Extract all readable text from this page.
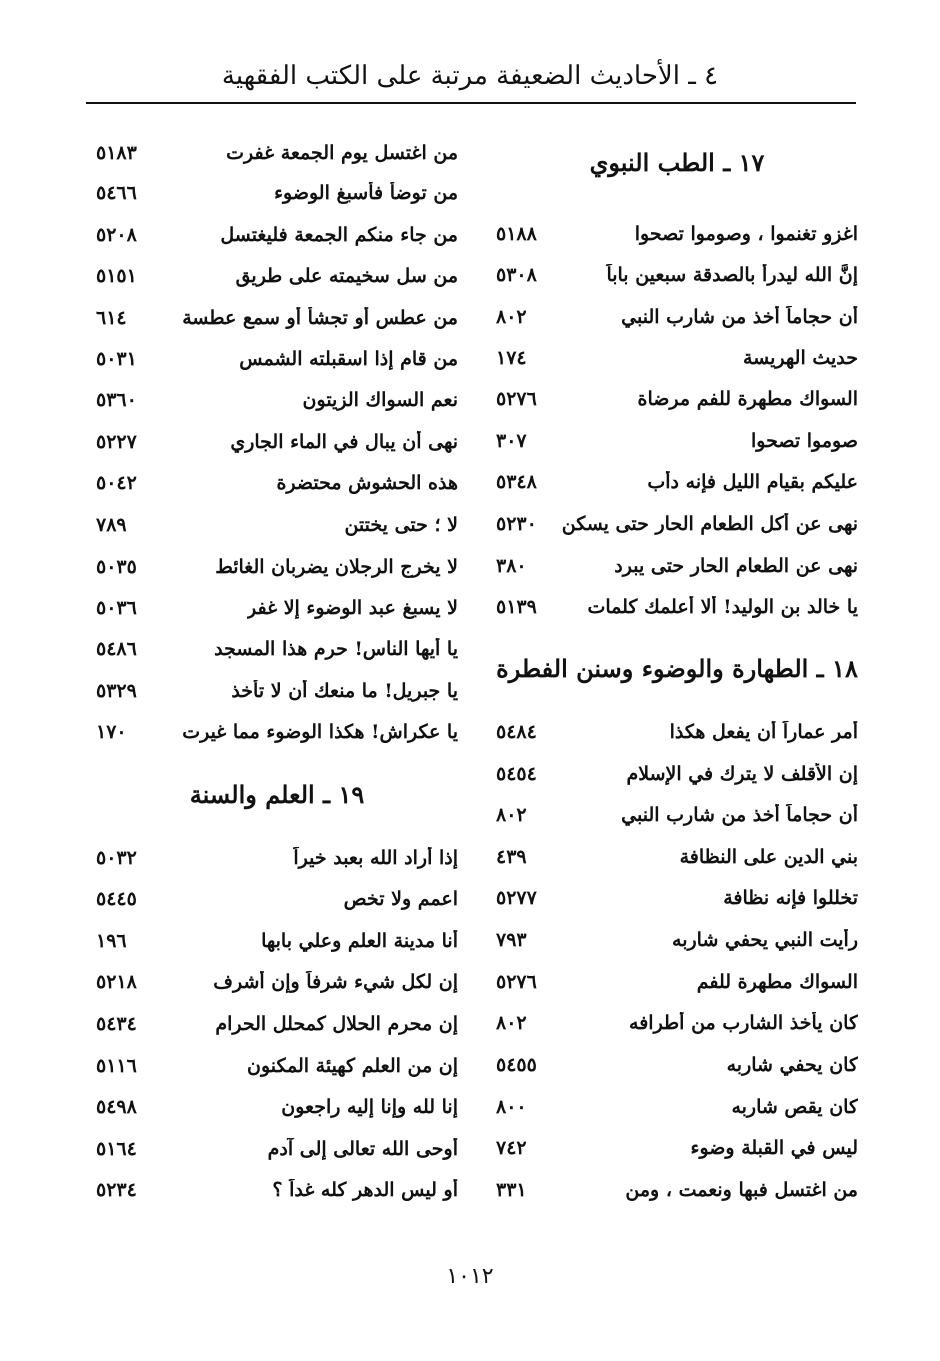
٤ ـ الأحاديث الضعيفة مرتبة على الكتب الفقهية
١٧ ـ الطب النبوي
اغزو تغنموا ، وصوموا تصحوا
٥١٨٨
إنَّ الله ليدرأ بالصدقة سبعين باباً
٥٣٠٨
أن حجاماً أخذ من شارب النبي
٨٠٢
حديث الهريسة
١٧٤
السواك مطهرة للفم مرضاة
٥٢٧٦
صوموا تصحوا
٣٠٧
عليكم بقيام الليل فإنه دأب
٥٣٤٨
نهى عن أكل الطعام الحار حتى يسكن
٥٢٣٠
نهى عن الطعام الحار حتى يبرد
٣٨٠
يا خالد بن الوليد! ألا أعلمك كلمات
٥١٣٩
١٨ ـ الطهارة والوضوء وسنن الفطرة
أمر عماراً أن يفعل هكذا
٥٤٨٤
إن الأقلف لا يترك في الإسلام
٥٤٥٤
أن حجاماً أخذ من شارب النبي
٨٠٢
بني الدين على النظافة
٤٣٩
تخللوا فإنه نظافة
٥٢٧٧
رأيت النبي يحفي شاربه
٧٩٣
السواك مطهرة للفم
٥٢٧٦
كان يأخذ الشارب من أطرافه
٨٠٢
كان يحفي شاربه
٥٤٥٥
كان يقص شاربه
٨٠٠
ليس في القبلة وضوء
٧٤٢
من اغتسل فبها ونعمت ، ومن
٣٣١
من اغتسل يوم الجمعة غفرت
٥١٨٣
من توضأ فأسبغ الوضوء
٥٤٦٦
من جاء منكم الجمعة فليغتسل
٥٢٠٨
من سل سخيمته على طريق
٥١٥١
من عطس أو تجشأ أو سمع عطسة
٦١٤
من قام إذا اسقبلته الشمس
٥٠٣١
نعم السواك الزيتون
٥٣٦٠
نهى أن يبال في الماء الجاري
٥٢٢٧
هذه الحشوش محتضرة
٥٠٤٢
لا ؛ حتى يختتن
٧٨٩
لا يخرج الرجلان يضربان الغائط
٥٠٣٥
لا يسبغ عبد الوضوء إلا غفر
٥٠٣٦
يا أيها الناس! حرم هذا المسجد
٥٤٨٦
يا جبريل! ما منعك أن لا تأخذ
٥٣٢٩
يا عكراش! هكذا الوضوء مما غيرت
١٧٠
١٩ ـ العلم والسنة
إذا أراد الله بعبد خيراً
٥٠٣٢
اعمم ولا تخص
٥٤٤٥
أنا مدينة العلم وعلي بابها
١٩٦
إن لكل شيء شرفاً وإن أشرف
٥٢١٨
إن محرم الحلال كمحلل الحرام
٥٤٣٤
إن من العلم كهيئة المكنون
٥١١٦
إنا لله وإنا إليه راجعون
٥٤٩٨
أوحى الله تعالى إلى آدم
٥١٦٤
أو ليس الدهر كله غداً ؟
٥٢٣٤
١٠١٢
